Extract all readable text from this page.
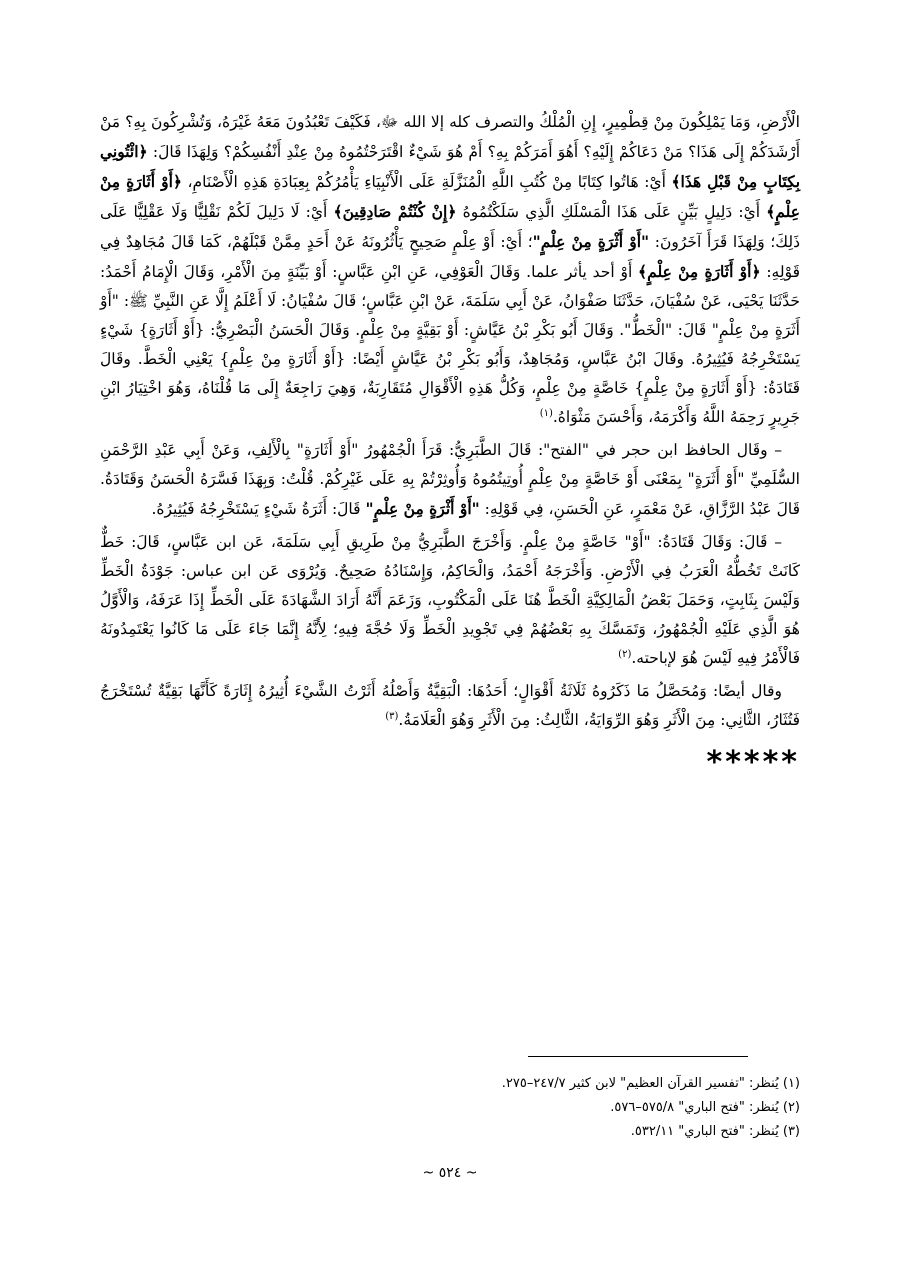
الْأَرْضِ، وَمَا يَمْلِكُونَ مِنْ قِطْمِيرٍ، إِنِ الْمُلْكُ والتصرف كله إلا الله ﷻ، فَكَيْفَ تَعْبُدُونَ مَعَهُ غَيْرَهُ، وَتُشْرِكُونَ بِهِ؟ مَنْ أَرْشَدَكُمْ إِلَى هَذَا؟ مَنْ دَعَاكُمْ إِلَيْهِ؟ أَهُوَ أَمَرَكُمْ بِهِ؟ أَمْ هُوَ شَيْءٌ اقْتَرَحْتُمُوهُ مِنْ عِنْدِ أَنْفُسِكُمْ؟ وَلِهَذَا قَالَ: ﴿ائْتُونِي بِكِتَابٍ مِنْ قَبْلِ هَذَا﴾ أَيْ: هَاتُوا كِتَابًا مِنْ كُتُبِ اللَّهِ الْمُنَزَّلَةِ عَلَى الْأَنْبِيَاءِ يَأْمُرُكُمْ بِعِبَادَةِ هَذِهِ الْأَصْنَامِ، ﴿أَوْ أَثَارَةٍ مِنْ عِلْمٍ﴾ أَيْ: دَلِيلٍ بَيِّنٍ عَلَى هَذَا الْمَسْلَكِ الَّذِي سَلَكْتُمُوهُ ﴿إِنْ كُنْتُمْ صَادِقِينَ﴾ أَيْ: لَا دَلِيلَ لَكُمْ نَقْلِيًّا وَلَا عَقْلِيًّا عَلَى ذَلِكَ؛ وَلِهَذَا قَرَأَ آخَرُونَ: "أَوْ أَثْرَةٍ مِنْ عِلْمٍ"؛ أَيْ: أَوْ عِلْمٍ صَحِيحٍ يَأْثُرُونَهُ عَنْ أَحَدٍ مِمَّنْ قَبْلَهُمْ، كَمَا قَالَ مُجَاهِدٌ فِي قَوْلِهِ: ﴿أَوْ أَثَارَةٍ مِنْ عِلْمٍ﴾ أَوْ أحد يأثر علما. وَقَالَ الْعَوْفِي، عَنِ ابْنِ عَبَّاسٍ: أَوْ بَيِّنَةٍ مِنَ الْأَمْرِ، وَقَالَ الْإِمَامُ أَحْمَدُ: حَدَّثَنَا يَحْيَى، عَنْ سُفْيَانَ، حَدَّثَنَا صَفْوَانُ، عَنْ أَبِي سَلَمَةَ، عَنْ ابْنِ عَبَّاسٍ؛ قَالَ سُفْيَانُ: لَا أَعْلَمُ إِلَّا عَنِ النَّبِيِّ ﷺ: "أَوْ أَثَرَةٍ مِنْ عِلْمٍ" قَالَ: "الْخَطُّ". وَقَالَ أَبُو بَكْرِ بْنُ عَيَّاشٍ: أَوْ بَقِيَّةٍ مِنْ عِلْمٍ. وَقَالَ الْحَسَنُ الْبَصْرِيُّ: {أَوْ أَثَارَةٍ} شَيْءٍ يَسْتَخْرِجُهُ فَيُثِيرُهُ. وقَالَ ابْنُ عَبَّاسٍ، وَمُجَاهِدٌ، وَأَبُو بَكْرِ بْنُ عَيَّاشٍ أَيْضًا: {أَوْ أَثَارَةٍ مِنْ عِلْمٍ} يَعْنِي الْخَطَّ. وقَالَ قَتَادَةُ: {أَوْ أَثَارَةٍ مِنْ عِلْمٍ} خَاصَّةٍ مِنْ عِلْمٍ، وَكُلُّ هَذِهِ الْأَقْوَالِ مُتَقَارِبَةٌ، وَهِيَ رَاجِعَةٌ إِلَى مَا قُلْنَاهُ، وَهُوَ اخْتِيَارُ ابْنِ جَرِيرٍ رَحِمَهُ اللَّهُ وَأَكْرَمَهُ، وَأَحْسَنَ مَثْوَاهُ.$^{(١)}$

– وقَال الحافظ ابن حجر في "الفتح": قَالَ الطَّبَرِيُّ: قَرَأَ الْجُمْهُورُ "أَوْ أَثَارَةٍ" بِالْأَلِفِ، وَعَنْ أَبِي عَبْدِ الرَّحْمَنِ السُّلَمِيِّ "أَوْ أَثَرَةٍ" بِمَعْنَى أَوْ خَاصَّةٍ مِنْ عِلْمٍ أُوتِيتُمُوهُ وَأُوثِرْتُمْ بِهِ عَلَى غَيْرِكُمْ. قُلْتُ: وَبِهَذَا فَسَّرَهُ الْحَسَنُ وَقَتَادَةُ. قَالَ عَبْدُ الرَّزَّاقِ، عَنْ مَعْمَرٍ، عَنِ الْحَسَنِ، فِي قَوْلِهِ: "أَوْ أَثْرَةٍ مِنْ عِلْمٍ" قَالَ: أَثَرَةُ شَيْءٍ يَسْتَخْرِجُهُ فَيُثِيرُهُ.

– قَالَ: وَقَالَ قَتَادَةُ: "أَوْ" خَاصَّةٍ مِنْ عِلْمٍ. وَأَخْرَجَ الطَّبَرِيُّ مِنْ طَرِيقِ أَبِي سَلَمَةَ، عَن ابن عَبَّاسٍ، قَالَ: خَطٌّ كَانَتْ تَخُطُّهُ الْعَرَبُ فِي الْأَرْضِ. وَأَخْرَجَهُ أَحْمَدُ، وَالْحَاكِمُ، وَإِسْنَادُهُ صَحِيحٌ. وَيُرْوَى عَن ابن عباس: جَوْدَةُ الْخَطِّ وَلَيْسَ بِثَابِتٍ، وَحَمَلَ بَعْضُ الْمَالِكِيَّةِ الْخَطَّ هُنَا عَلَى الْمَكْتُوبِ، وَزَعَمَ أَنَّهُ أَرَادَ الشَّهَادَةَ عَلَى الْخَطِّ إِذَا عَرَفَهُ، وَالْأَوَّلُ هُوَ الَّذِي عَلَيْهِ الْجُمْهُورُ، وَتَمَسَّكَ بِهِ بَعْضُهُمْ فِي تَجْوِيدِ الْخَطِّ وَلَا حُجَّةَ فِيهِ؛ لِأَنَّهُ إِنَّمَا جَاءَ عَلَى مَا كَانُوا يَعْتَمِدُونَهُ فَالْأَمْرُ فِيهِ لَيْسَ هُوَ لإباحته.$^{(٢)}$

وقال أيضًا: وَمُحَصَّلُ مَا ذَكَرُوهُ ثَلَاثَةُ أَقْوَالٍ؛ أَحَدُهَا: الْبَقِيَّةُ وَأَصْلُهُ أَثَرْتُ الشَّيْءَ أُثِيرُهُ إِثَارَةً كَأَنَّهَا بَقِيَّةٌ تُسْتَخْرَجُ فَتُثَارُ، الثَّانِي: مِنَ الْأَثَرِ وَهُوَ الرِّوَايَةُ، الثَّالِثُ: مِنَ الْأَثَرِ وَهُوَ الْعَلَامَةُ.$^{(٣)}$

*****

(١) يُنظر: "تفسير القرآن العظيم" لابن كثير ٢٤٧/٧–٢٧٥.

(٢) يُنظر: "فتح الباري" ٥٧٥/٨–٥٧٦.

(٣) يُنظر: "فتح الباري" ٥٣٢/١١.

~ ٥٢٤ ~
